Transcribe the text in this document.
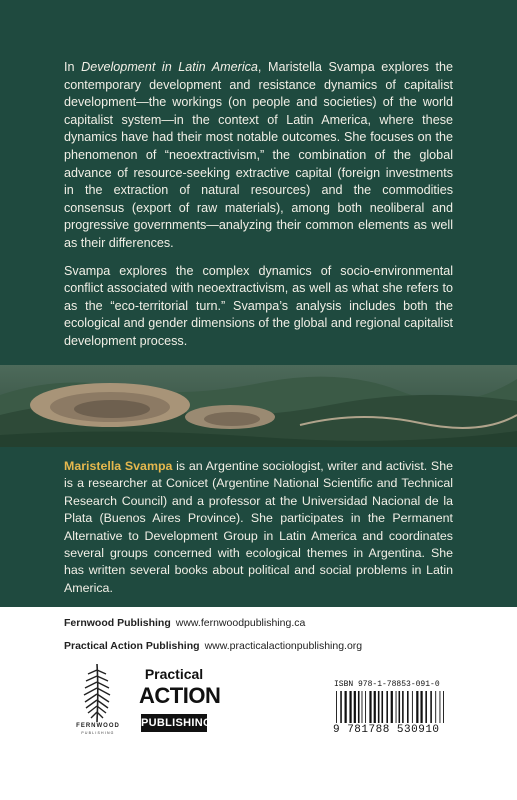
In Development in Latin America, Maristella Svampa explores the contemporary development and resistance dynamics of capitalist development—the workings (on people and societies) of the world capitalist system—in the context of Latin America, where these dynamics have had their most notable outcomes. She focuses on the phenomenon of “neoextractivism,” the combination of the global advance of resource-seeking extractive capital (foreign investments in the extraction of natural resources) and the commodities consensus (export of raw materials), among both neoliberal and progressive governments—analyzing their common elements as well as their differences.

Svampa explores the complex dynamics of socio-environmental conflict associated with neoextractivism, as well as what she refers to as the “eco-territorial turn.” Svampa’s analysis includes both the ecological and gender dimensions of the global and regional capitalist development process.

Maristella Svampa is an Argentine sociologist, writer and activist. She is a researcher at Conicet (Argentine National Scientific and Technical Research Council) and a professor at the Universidad Nacional de la Plata (Buenos Aires Province). She participates in the Permanent Alternative to Development Group in Latin America and coordinates several groups concerned with ecological themes in Argentina. She has written several books about political and social problems in Latin America.
Fernwood Publishing www.fernwoodpublishing.ca
Practical Action Publishing www.practicalactionpublishing.org
FERNWOOD
PUBLISHING
Practical
ACTION
PUBLISHING
ISBN 978-1-78853-091-0
9 781788 530910
